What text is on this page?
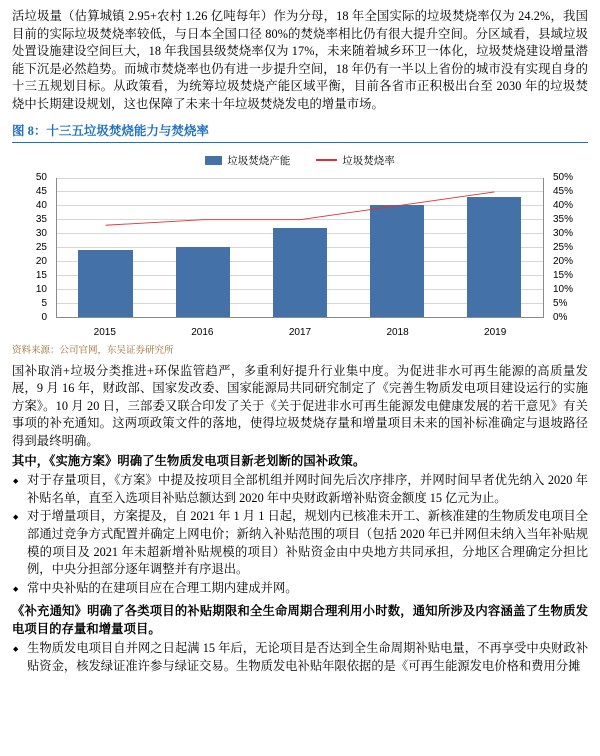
活垃圾量（估算城镇 2.95+农村 1.26 亿吨每年）作为分母，18 年全国实际的垃圾焚烧率仅为 24.2%，我国目前的实际垃圾焚烧率较低，与日本全国口径 80%的焚烧率相比仍有很大提升空间。分区域看，县域垃圾处置设施建设空间巨大，18 年我国县级焚烧率仅为 17%，未来随着城乡环卫一体化，垃圾焚烧建设增量潜能下沉是必然趋势。而城市焚烧率也仍有进一步提升空间，18 年仍有一半以上省份的城市没有实现自身的十三五规划目标。从政策看，为统筹垃圾焚烧产能区域平衡，目前各省市正积极出台至 2030 年的垃圾焚烧中长期建设规划，这也保障了未来十年垃圾焚烧发电的增量市场。

图 8：十三五垃圾焚烧能力与焚烧率
垃圾焚烧产能	垃圾焚烧率
50
45
40
35
30
25
20
15
10
5
0
50%
45%
40%
35%
30%
25%
20%
15%
10%
5%
0%
2015	2016	2017	2018	2019
资料来源：公司官网，东吴证券研究所

国补取消+垃圾分类推进+环保监管趋严，多重利好提升行业集中度。为促进非水可再生能源的高质量发展，9 月 16 年，财政部、国家发改委、国家能源局共同研究制定了《完善生物质发电项目建设运行的实施方案》。10 月 20 日，三部委又联合印发了关于《关于促进非水可再生能源发电健康发展的若干意见》有关事项的补充通知。这两项政策文件的落地，使得垃圾焚烧存量和增量项目未来的国补标准确定与退坡路径得到最终明确。

其中，《实施方案》明确了生物质发电项目新老划断的国补政策。

◆ 对于存量项目，《方案》中提及按项目全部机组并网时间先后次序排序，并网时间早者优先纳入 2020 年补贴名单，直至入选项目补贴总额达到 2020 年中央财政新增补贴资金额度 15 亿元为止。
◆ 对于增量项目，方案提及，自 2021 年 1 月 1 日起，规划内已核准未开工、新核准建的生物质发电项目全部通过竞争方式配置并确定上网电价；新纳入补贴范围的项目（包括 2020 年已并网但未纳入当年补贴规模的项目及 2021 年未超新增补贴规模的项目）补贴资金由中央地方共同承担，分地区合理确定分担比例，中央分担部分逐年调整并有序退出。
◆ 常中央补贴的在建项目应在合理工期内建成并网。

《补充通知》明确了各类项目的补贴期限和全生命周期合理利用小时数，通知所涉及内容涵盖了生物质发电项目的存量和增量项目。

◆ 生物质发电项目自并网之日起满 15 年后，无论项目是否达到全生命周期补贴电量，不再享受中央财政补贴资金，核发绿证准许参与绿证交易。生物质发电补贴年限依据的是《可再生能源发电价格和费用分摊
